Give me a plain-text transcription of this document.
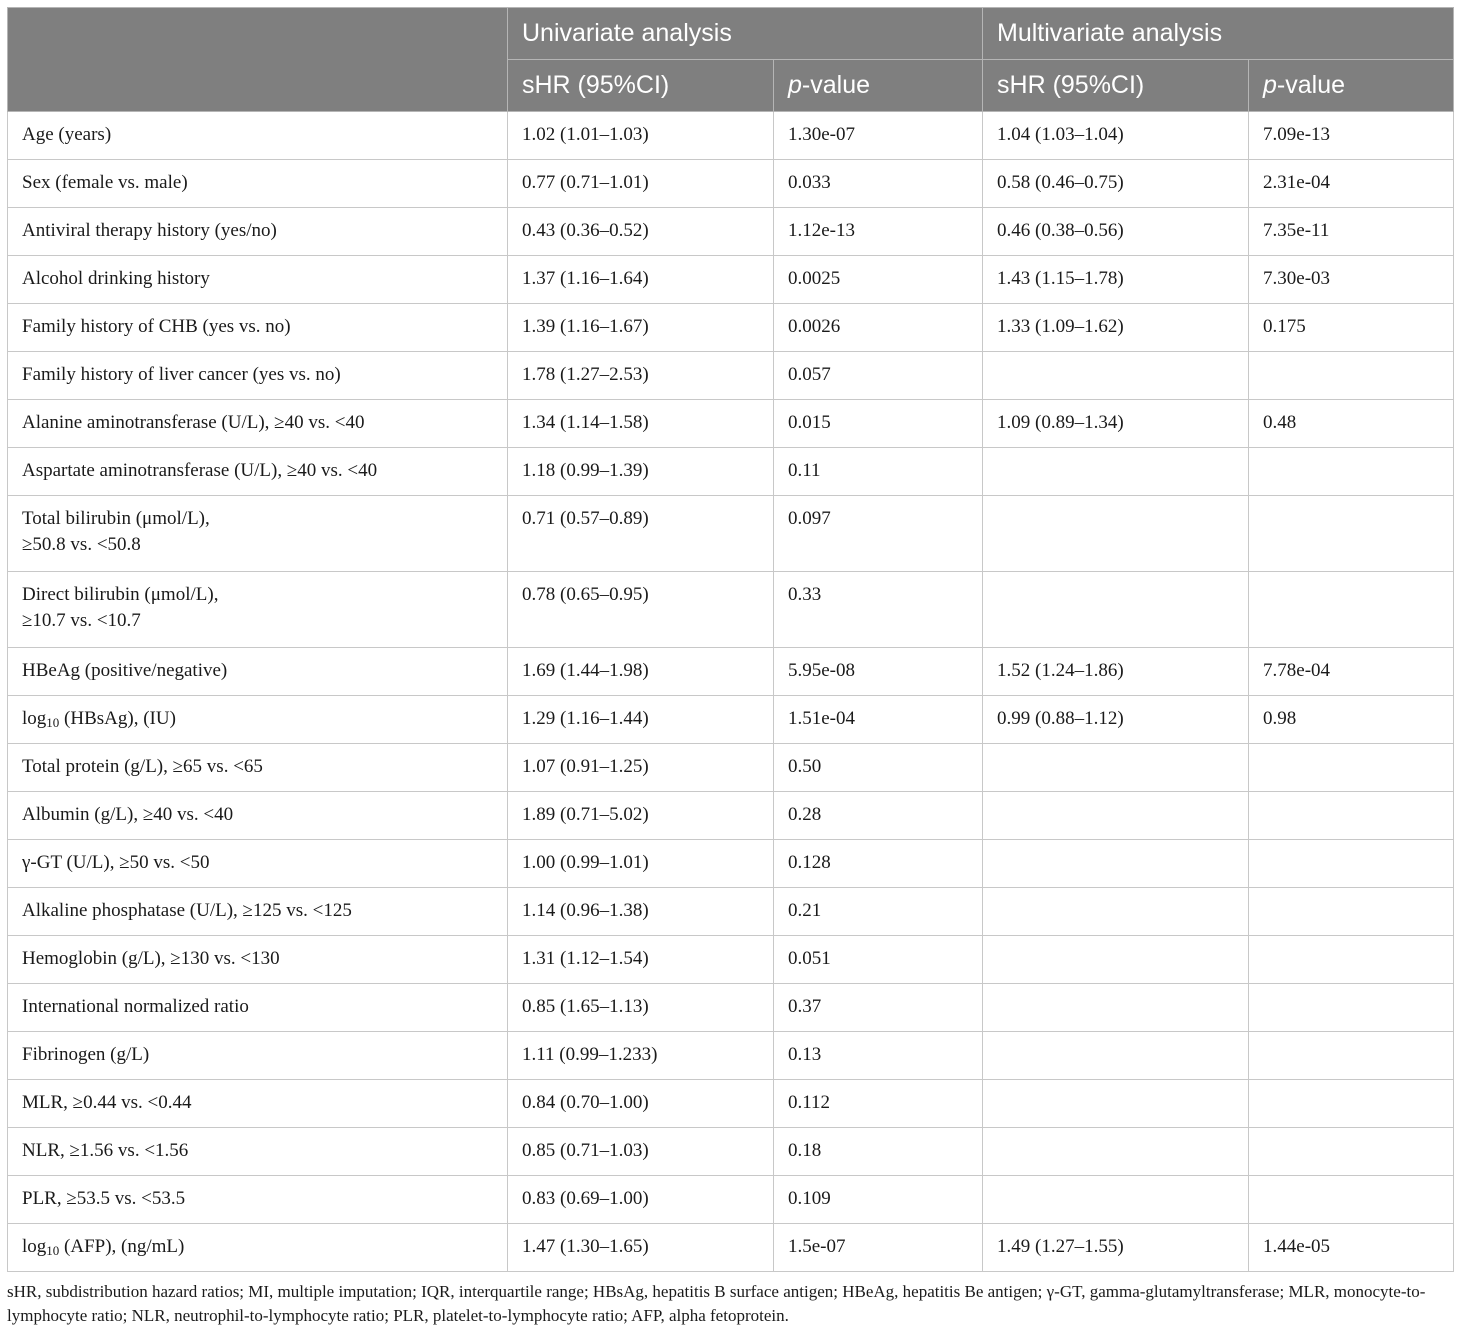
	Univariate analysis		Multivariate analysis	
	sHR (95%CI)	p-value	sHR (95%CI)	p-value

Age (years)	1.02 (1.01–1.03)	1.30e-07	1.04 (1.03–1.04)	7.09e-13

Sex (female vs. male)	0.77 (0.71–1.01)	0.033	0.58 (0.46–0.75)	2.31e-04

Antiviral therapy history (yes/no)	0.43 (0.36–0.52)	1.12e-13	0.46 (0.38–0.56)	7.35e-11

Alcohol drinking history	1.37 (1.16–1.64)	0.0025	1.43 (1.15–1.78)	7.30e-03

Family history of CHB (yes vs. no)	1.39 (1.16–1.67)	0.0026	1.33 (1.09–1.62)	0.175

Family history of liver cancer (yes vs. no)	1.78 (1.27–2.53)	0.057		

Alanine aminotransferase (U/L), ≥40 vs. <40	1.34 (1.14–1.58)	0.015	1.09 (0.89–1.34)	0.48

Aspartate aminotransferase (U/L), ≥40 vs. <40	1.18 (0.99–1.39)	0.11		

Total bilirubin (μmol/L),
≥50.8 vs. <50.8	0.71 (0.57–0.89)	0.097		

Direct bilirubin (μmol/L),
≥10.7 vs. <10.7	0.78 (0.65–0.95)	0.33		

HBeAg (positive/negative)	1.69 (1.44–1.98)	5.95e-08	1.52 (1.24–1.86)	7.78e-04
$\log_{10}$ (HBsAg), (IU)	1.29 (1.16–1.44)	1.51e-04	0.99 (0.88–1.12)	0.98

Total protein (g/L), ≥65 vs. <65	1.07 (0.91–1.25)	0.50		

Albumin (g/L), ≥40 vs. <40	1.89 (0.71–5.02)	0.28		

γ-GT (U/L), ≥50 vs. <50	1.00 (0.99–1.01)	0.128		

Alkaline phosphatase (U/L), ≥125 vs. <125	1.14 (0.96–1.38)	0.21		

Hemoglobin (g/L), ≥130 vs. <130	1.31 (1.12–1.54)	0.051		

International normalized ratio	0.85 (1.65–1.13)	0.37		

Fibrinogen (g/L)	1.11 (0.99–1.233)	0.13		

MLR, ≥0.44 vs. <0.44	0.84 (0.70–1.00)	0.112		

NLR, ≥1.56 vs. <1.56	0.85 (0.71–1.03)	0.18		

PLR, ≥53.5 vs. <53.5	0.83 (0.69–1.00)	0.109		
$\log_{10} (AFP)$, (ng/mL)	1.47 (1.30–1.65)	1.5e-07	1.49 (1.27–1.55)	1.44e-05
sHR, subdistribution hazard ratios; MI, multiple imputation; IQR, interquartile range; HBsAg, hepatitis B surface antigen; HBeAg, hepatitis Be antigen; γ-GT, gamma-glutamyltransferase; MLR, monocyte-to-lymphocyte ratio; NLR, neutrophil-to-lymphocyte ratio; PLR, platelet-to-lymphocyte ratio; AFP, alpha fetoprotein.
